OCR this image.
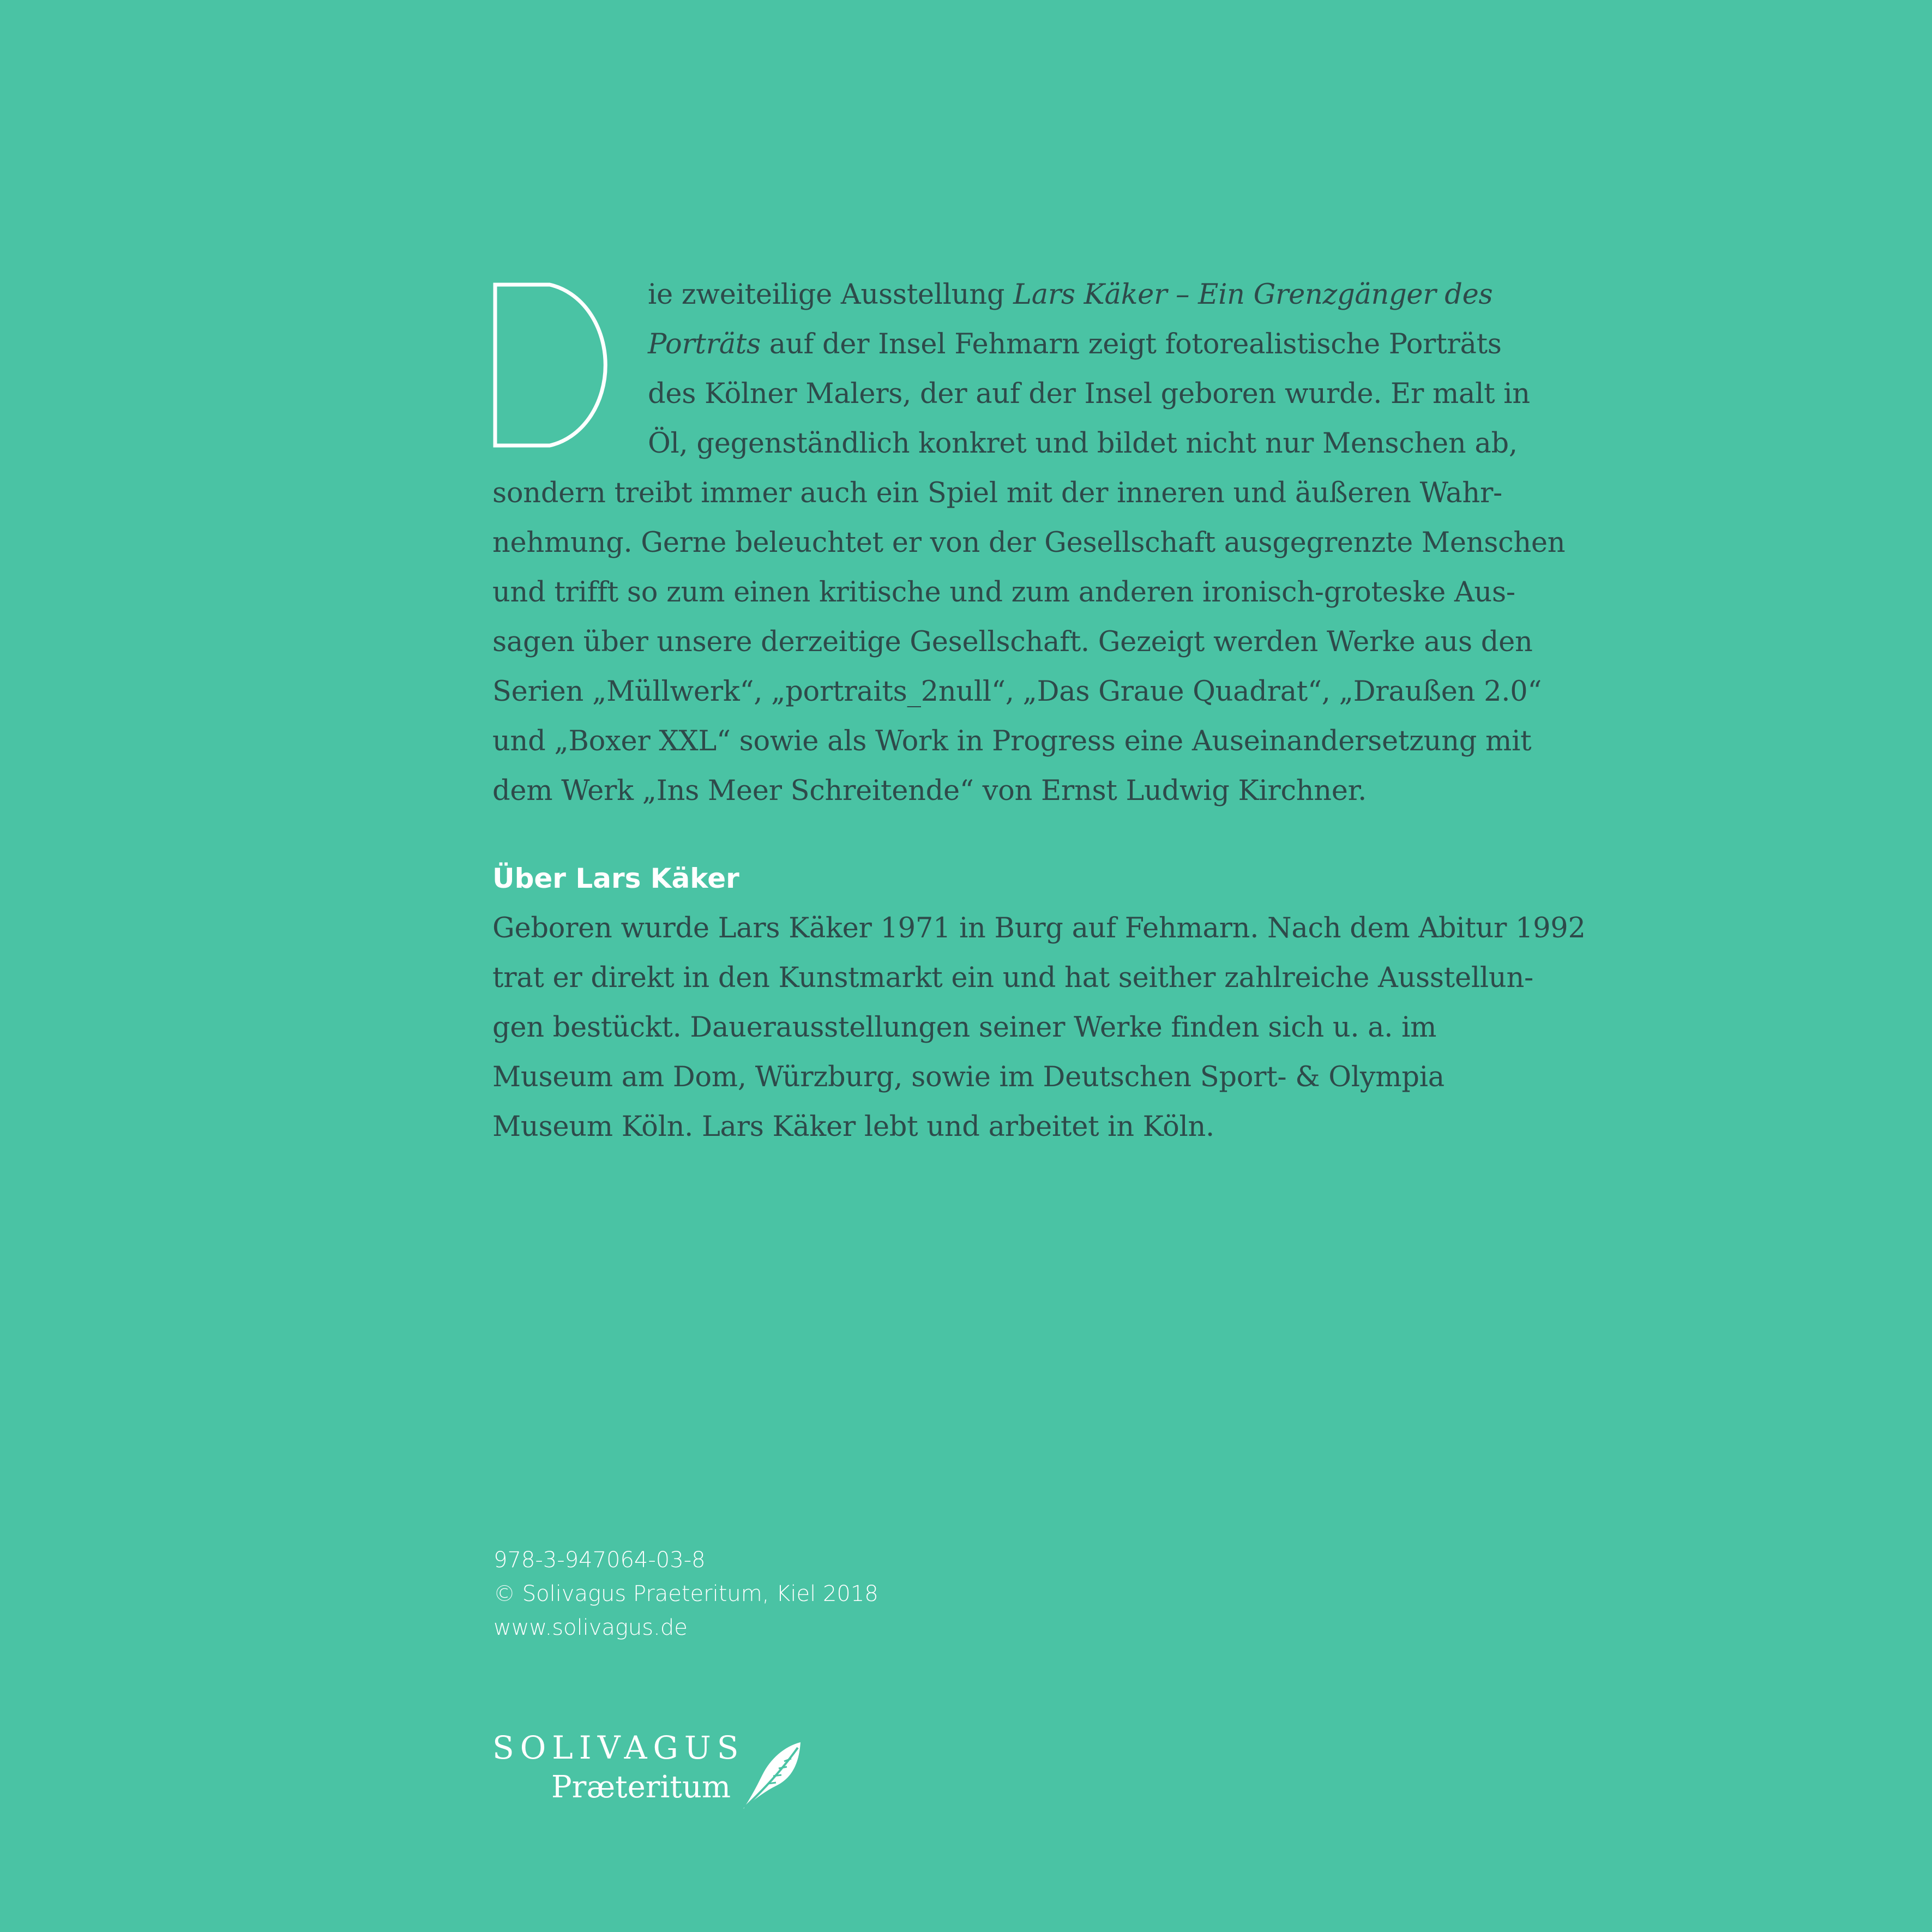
ie zweiteilige Ausstellung Lars Käker – Ein Grenzgänger des
Porträts auf der Insel Fehmarn zeigt fotorealistische Porträts
des Kölner Malers, der auf der Insel geboren wurde. Er malt in
Öl, gegenständlich konkret und bildet nicht nur Menschen ab,
sondern treibt immer auch ein Spiel mit der inneren und äußeren Wahr-
nehmung. Gerne beleuchtet er von der Gesellschaft ausgegrenzte Menschen
und trifft so zum einen kritische und zum anderen ironisch-groteske Aus-
sagen über unsere derzeitige Gesellschaft. Gezeigt werden Werke aus den
Serien „Müllwerk“, „portraits_2null“, „Das Graue Quadrat“, „Draußen 2.0“
und „Boxer XXL“ sowie als Work in Progress eine Auseinandersetzung mit
dem Werk „Ins Meer Schreitende“ von Ernst Ludwig Kirchner.
Über Lars Käker
Geboren wurde Lars Käker 1971 in Burg auf Fehmarn. Nach dem Abitur 1992
trat er direkt in den Kunstmarkt ein und hat seither zahlreiche Ausstellun-
gen bestückt. Dauerausstellungen seiner Werke finden sich u. a. im
Museum am Dom, Würzburg, sowie im Deutschen Sport- & Olympia
Museum Köln. Lars Käker lebt und arbeitet in Köln.
978-3-947064-03-8
© Solivagus Praeteritum, Kiel 2018
www.solivagus.de
SOLIVAGUS
Præteritum
